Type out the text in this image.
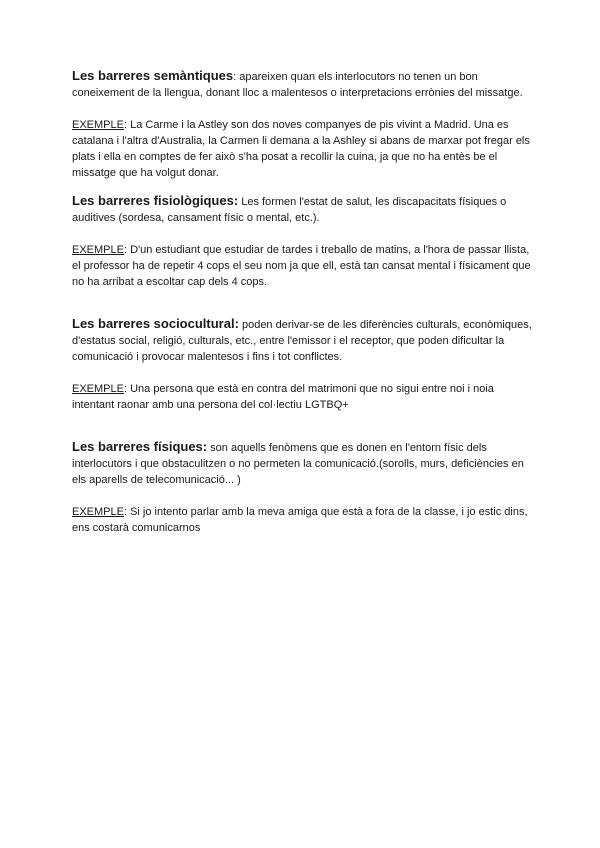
Les barreres semàntiques: apareixen quan els interlocutors no tenen un bon coneixement de la llengua, donant lloc a malentesos o interpretacions errònies del missatge.

EXEMPLE: La Carme i la Astley son dos noves companyes de pis vivint a Madrid. Una es catalana i l'altra d'Australia, la Carmen li demana a la Ashley si abans de marxar pot fregar els plats i ella en comptes de fer això s'ha posat a recollir la cuina, ja que no ha entès be el missatge que ha volgut donar.

Les barreres fisiològiques: Les formen l'estat de salut, les discapacitats físiques o auditives (sordesa, cansament físic o mental, etc.).

EXEMPLE: D'un estudiant que estudiar de tardes i treballo de matins, a l'hora de passar llista, el professor ha de repetir 4 cops el seu nom ja que ell, està tan cansat mental i físicament que no ha arribat a escoltar cap dels 4 cops.

Les barreres sociocultural: poden derivar-se de les diferències culturals, econòmiques, d'estatus social, religió, culturals, etc., entre l'emissor i el receptor, que poden dificultar la comunicació i provocar malentesos i fins i tot conflictes.

EXEMPLE: Una persona que està en contra del matrimoni que no sigui entre noi i noia intentant raonar amb una persona del col·lectiu LGTBQ+

Les barreres físiques: son aquells fenòmens que es donen en l'entorn físic dels interlocutors i que obstaculitzen o no permeten la comunicació.(sorolls, murs, deficiències en els aparells de telecomunicació... )

EXEMPLE: Si jo intento parlar amb la meva amiga que està a fora de la classe, i jo estic dins, ens costarà comunicarnos
